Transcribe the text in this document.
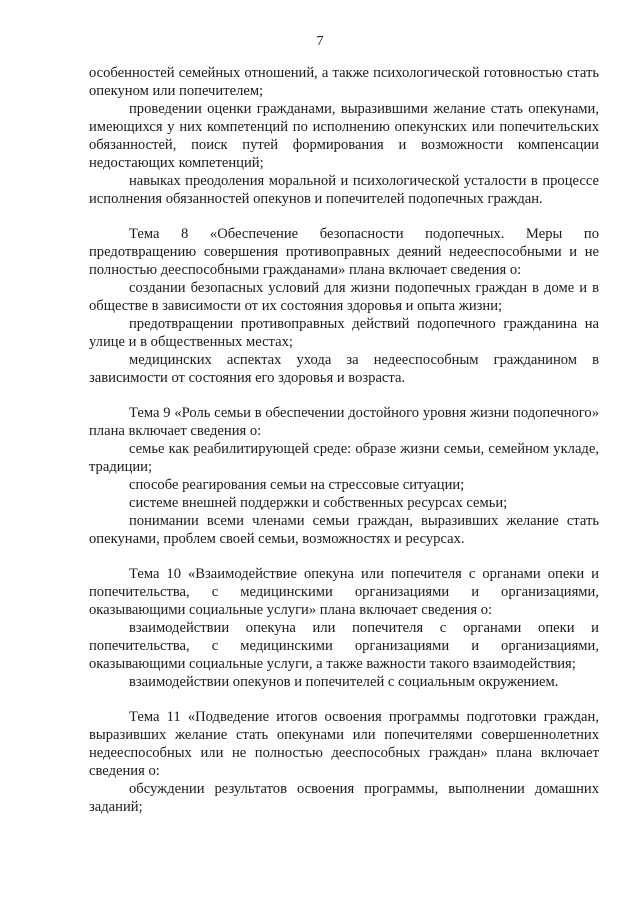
7

особенностей семейных отношений, а также психологической готовностью стать опекуном или попечителем;

проведении оценки гражданами, выразившими желание стать опекунами, имеющихся у них компетенций по исполнению опекунских или попечительских обязанностей, поиск путей формирования и возможности компенсации недостающих компетенций;

навыках преодоления моральной и психологической усталости в процессе исполнения обязанностей опекунов и попечителей подопечных граждан.

Тема 8 «Обеспечение безопасности подопечных. Меры по предотвращению совершения противоправных деяний недееспособными и не полностью дееспособными гражданами» плана включает сведения о:

создании безопасных условий для жизни подопечных граждан в доме и в обществе в зависимости от их состояния здоровья и опыта жизни;

предотвращении противоправных действий подопечного гражданина на улице и в общественных местах;

медицинских аспектах ухода за недееспособным гражданином в зависимости от состояния его здоровья и возраста.

Тема 9 «Роль семьи в обеспечении достойного уровня жизни подопечного» плана включает сведения о:

семье как реабилитирующей среде: образе жизни семьи, семейном укладе, традиции;

способе реагирования семьи на стрессовые ситуации;

системе внешней поддержки и собственных ресурсах семьи;

понимании всеми членами семьи граждан, выразивших желание стать опекунами, проблем своей семьи, возможностях и ресурсах.

Тема 10 «Взаимодействие опекуна или попечителя с органами опеки и попечительства, с медицинскими организациями и организациями, оказывающими социальные услуги» плана включает сведения о:

взаимодействии опекуна или попечителя с органами опеки и попечительства, с медицинскими организациями и организациями, оказывающими социальные услуги, а также важности такого взаимодействия;

взаимодействии опекунов и попечителей с социальным окружением.

Тема 11 «Подведение итогов освоения программы подготовки граждан, выразивших желание стать опекунами или попечителями совершеннолетних недееспособных или не полностью дееспособных граждан» плана включает сведения о:

обсуждении результатов освоения программы, выполнении домашних заданий;
